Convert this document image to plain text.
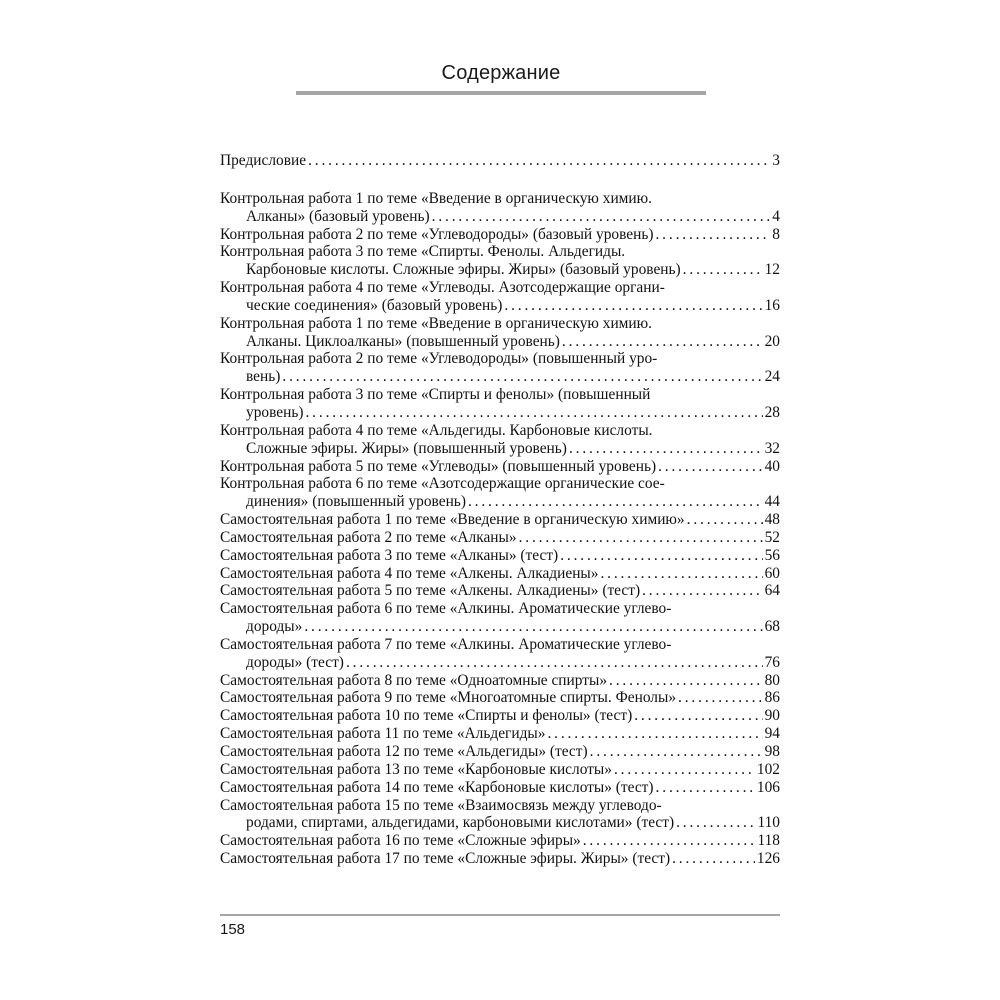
Содержание
Предисловие . . .	3
Контрольная работа 1 по теме «Введение в органическую химию.
Алканы» (базовый уровень) . . .	4
Контрольная работа 2 по теме «Углеводороды» (базовый уровень) . . .	8
Контрольная работа 3 по теме «Спирты. Фенолы. Альдегиды.
Карбоновые кислоты. Сложные эфиры. Жиры» (базовый уровень) . . .	12
Контрольная работа 4 по теме «Углеводы. Азотсодержащие органи-
ческие соединения» (базовый уровень) . . .	16
Контрольная работа 1 по теме «Введение в органическую химию.
Алканы. Циклоалканы» (повышенный уровень) . . .	20
Контрольная работа 2 по теме «Углеводороды» (повышенный уро-
вень) . . .	24
Контрольная работа 3 по теме «Спирты и фенолы» (повышенный
уровень) . . .	28
Контрольная работа 4 по теме «Альдегиды. Карбоновые кислоты.
Сложные эфиры. Жиры» (повышенный уровень) . . .	32
Контрольная работа 5 по теме «Углеводы» (повышенный уровень) . . .	40
Контрольная работа 6 по теме «Азотсодержащие органические сое-
динения» (повышенный уровень) . . .	44
Самостоятельная работа 1 по теме «Введение в органическую химию» . . .	48
Самостоятельная работа 2 по теме «Алканы» . . .	52
Самостоятельная работа 3 по теме «Алканы» (тест) . . .	56
Самостоятельная работа 4 по теме «Алкены. Алкадиены» . . .	60
Самостоятельная работа 5 по теме «Алкены. Алкадиены» (тест) . . .	64
Самостоятельная работа 6 по теме «Алкины. Ароматические углево-
дороды» . . .	68
Самостоятельная работа 7 по теме «Алкины. Ароматические углево-
дороды» (тест) . . .	76
Самостоятельная работа 8 по теме «Одноатомные спирты» . . .	80
Самостоятельная работа 9 по теме «Многоатомные спирты. Фенолы» . . .	86
Самостоятельная работа 10 по теме «Спирты и фенолы» (тест) . . .	90
Самостоятельная работа 11 по теме «Альдегиды» . . .	94
Самостоятельная работа 12 по теме «Альдегиды» (тест) . . .	98
Самостоятельная работа 13 по теме «Карбоновые кислоты» . . .	102
Самостоятельная работа 14 по теме «Карбоновые кислоты» (тест) . . .	106
Самостоятельная работа 15 по теме «Взаимосвязь между углеводо-
родами, спиртами, альдегидами, карбоновыми кислотами» (тест) . . .	110
Самостоятельная работа 16 по теме «Сложные эфиры» . . .	118
Самостоятельная работа 17 по теме «Сложные эфиры. Жиры» (тест) . . .	126
158
